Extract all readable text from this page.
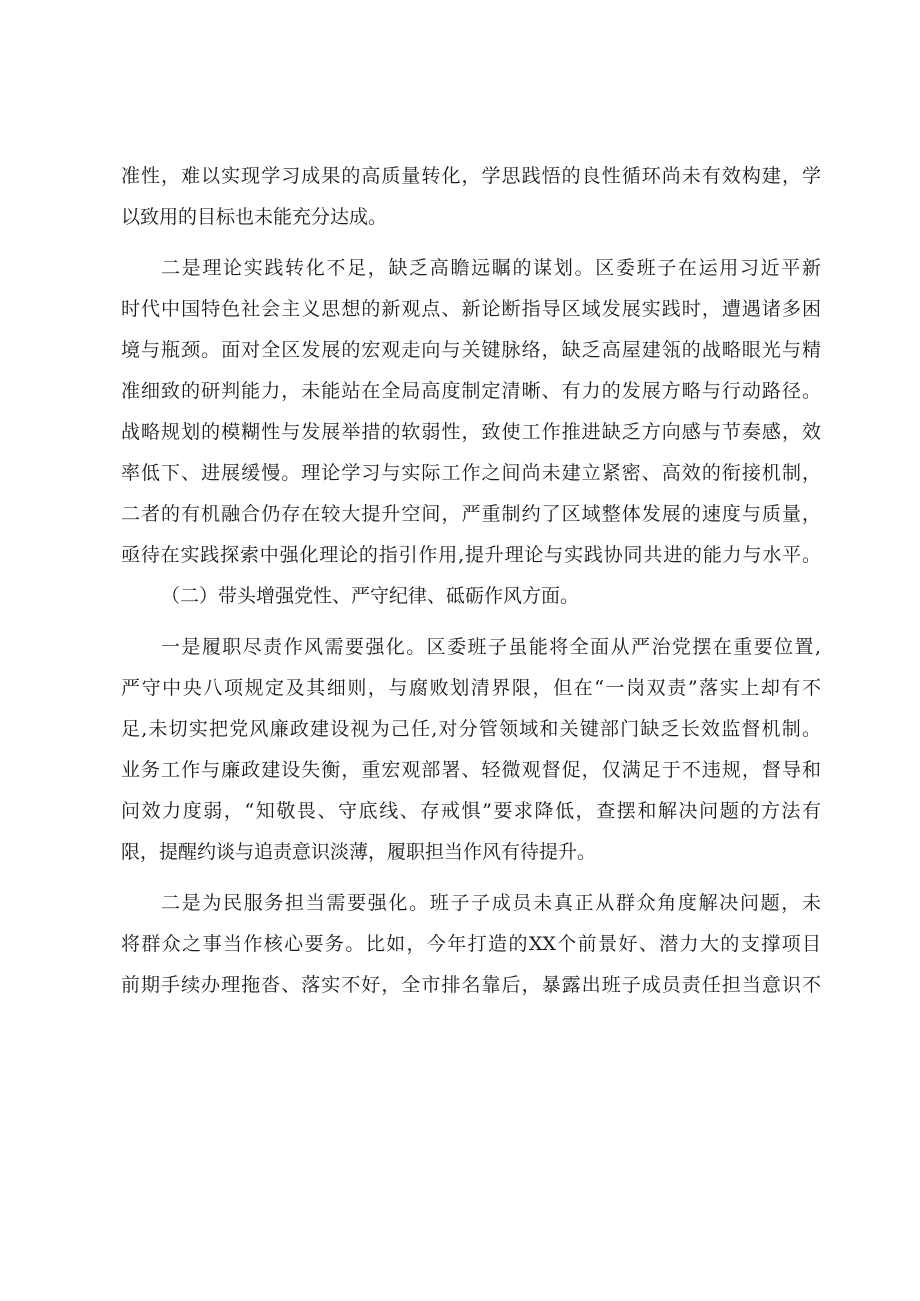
准性，难以实现学习成果的高质量转化，学思践悟的良性循环尚未有效构建，学
以致用的目标也未能充分达成。
二是理论实践转化不足，缺乏高瞻远瞩的谋划。区委班子在运用习近平新
时代中国特色社会主义思想的新观点、新论断指导区域发展实践时，遭遇诸多困
境与瓶颈。面对全区发展的宏观走向与关键脉络，缺乏高屋建瓴的战略眼光与精
准细致的研判能力，未能站在全局高度制定清晰、有力的发展方略与行动路径。
战略规划的模糊性与发展举措的软弱性，致使工作推进缺乏方向感与节奏感，效
率低下、进展缓慢。理论学习与实际工作之间尚未建立紧密、高效的衔接机制，
二者的有机融合仍存在较大提升空间，严重制约了区域整体发展的速度与质量，
亟待在实践探索中强化理论的指引作用,提升理论与实践协同共进的能力与水平。
（二）带头增强党性、严守纪律、砥砺作风方面。
一是履职尽责作风需要强化。区委班子虽能将全面从严治党摆在重要位置,
严守中央八项规定及其细则，与腐败划清界限，但在“一岗双责”落实上却有不
足,未切实把党风廉政建设视为己任,对分管领域和关键部门缺乏长效监督机制。
业务工作与廉政建设失衡，重宏观部署、轻微观督促，仅满足于不违规，督导和
问效力度弱，“知敬畏、守底线、存戒惧”要求降低，查摆和解决问题的方法有
限，提醒约谈与追责意识淡薄，履职担当作风有待提升。
二是为民服务担当需要强化。班子子成员未真正从群众角度解决问题，未
将群众之事当作核心要务。比如，今年打造的XX个前景好、潜力大的支撑项目
前期手续办理拖沓、落实不好，全市排名靠后，暴露出班子成员责任担当意识不
